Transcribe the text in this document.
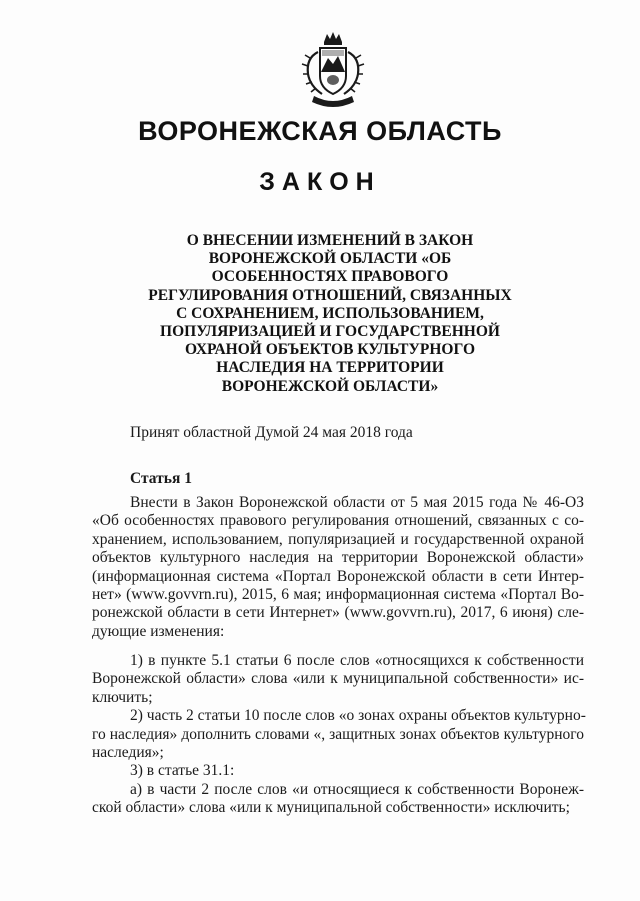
ВОРОНЕЖСКАЯ ОБЛАСТЬ
ЗАКОН
О ВНЕСЕНИИ ИЗМЕНЕНИЙ В ЗАКОН
ВОРОНЕЖСКОЙ ОБЛАСТИ «ОБ
ОСОБЕННОСТЯХ ПРАВОВОГО
РЕГУЛИРОВАНИЯ ОТНОШЕНИЙ, СВЯЗАННЫХ
С СОХРАНЕНИЕМ, ИСПОЛЬЗОВАНИЕМ,
ПОПУЛЯРИЗАЦИЕЙ И ГОСУДАРСТВЕННОЙ
ОХРАНОЙ ОБЪЕКТОВ КУЛЬТУРНОГО
НАСЛЕДИЯ НА ТЕРРИТОРИИ
ВОРОНЕЖСКОЙ ОБЛАСТИ»
Принят областной Думой 24 мая 2018 года
Статья 1
Внести в Закон Воронежской области от 5 мая 2015 года № 46-ОЗ
«Об особенностях правового регулирования отношений, связанных с со-
хранением, использованием, популяризацией и государственной охраной
объектов культурного наследия на территории Воронежской области»
(информационная система «Портал Воронежской области в сети Интер-
нет» (www.govvrn.ru), 2015, 6 мая; информационная система «Портал Во-
ронежской области в сети Интернет» (www.govvrn.ru), 2017, 6 июня) сле-
дующие изменения:
1) в пункте 5.1 статьи 6 после слов «относящихся к собственности
Воронежской области» слова «или к муниципальной собственности» ис-
ключить;
2) часть 2 статьи 10 после слов «о зонах охраны объектов культурно-
го наследия» дополнить словами «, защитных зонах объектов культурного
наследия»;
3) в статье 31.1:
а) в части 2 после слов «и относящиеся к собственности Воронеж-
ской области» слова «или к муниципальной собственности» исключить;
